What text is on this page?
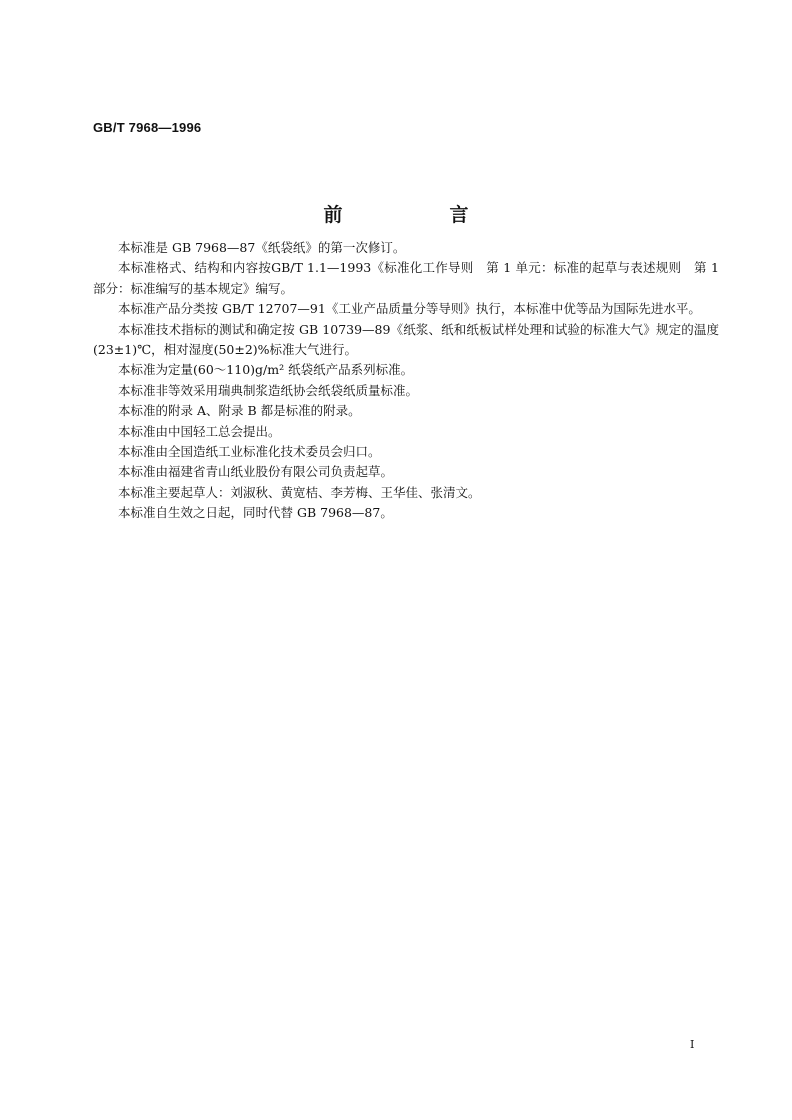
GB/T 7968—1996
前　言

本标准是 GB 7968—87《纸袋纸》的第一次修订。

本标准格式、结构和内容按GB/T 1.1—1993《标准化工作导则　第 1 单元：标准的起草与表述规则　第 1 部分：标准编写的基本规定》编写。

本标准产品分类按 GB/T 12707—91《工业产品质量分等导则》执行，本标准中优等品为国际先进水平。

本标准技术指标的测试和确定按 GB 10739—89《纸浆、纸和纸板试样处理和试验的标准大气》规定的温度(23±1)℃，相对湿度(50±2)%标准大气进行。

本标准为定量(60～110)g/m² 纸袋纸产品系列标准。

本标准非等效采用瑞典制浆造纸协会纸袋纸质量标准。

本标准的附录 A、附录 B 都是标准的附录。

本标准由中国轻工总会提出。

本标准由全国造纸工业标准化技术委员会归口。

本标准由福建省青山纸业股份有限公司负责起草。

本标准主要起草人：刘淑秋、黄宽桔、李芳梅、王华佳、张清文。

本标准自生效之日起，同时代替 GB 7968—87。

I
